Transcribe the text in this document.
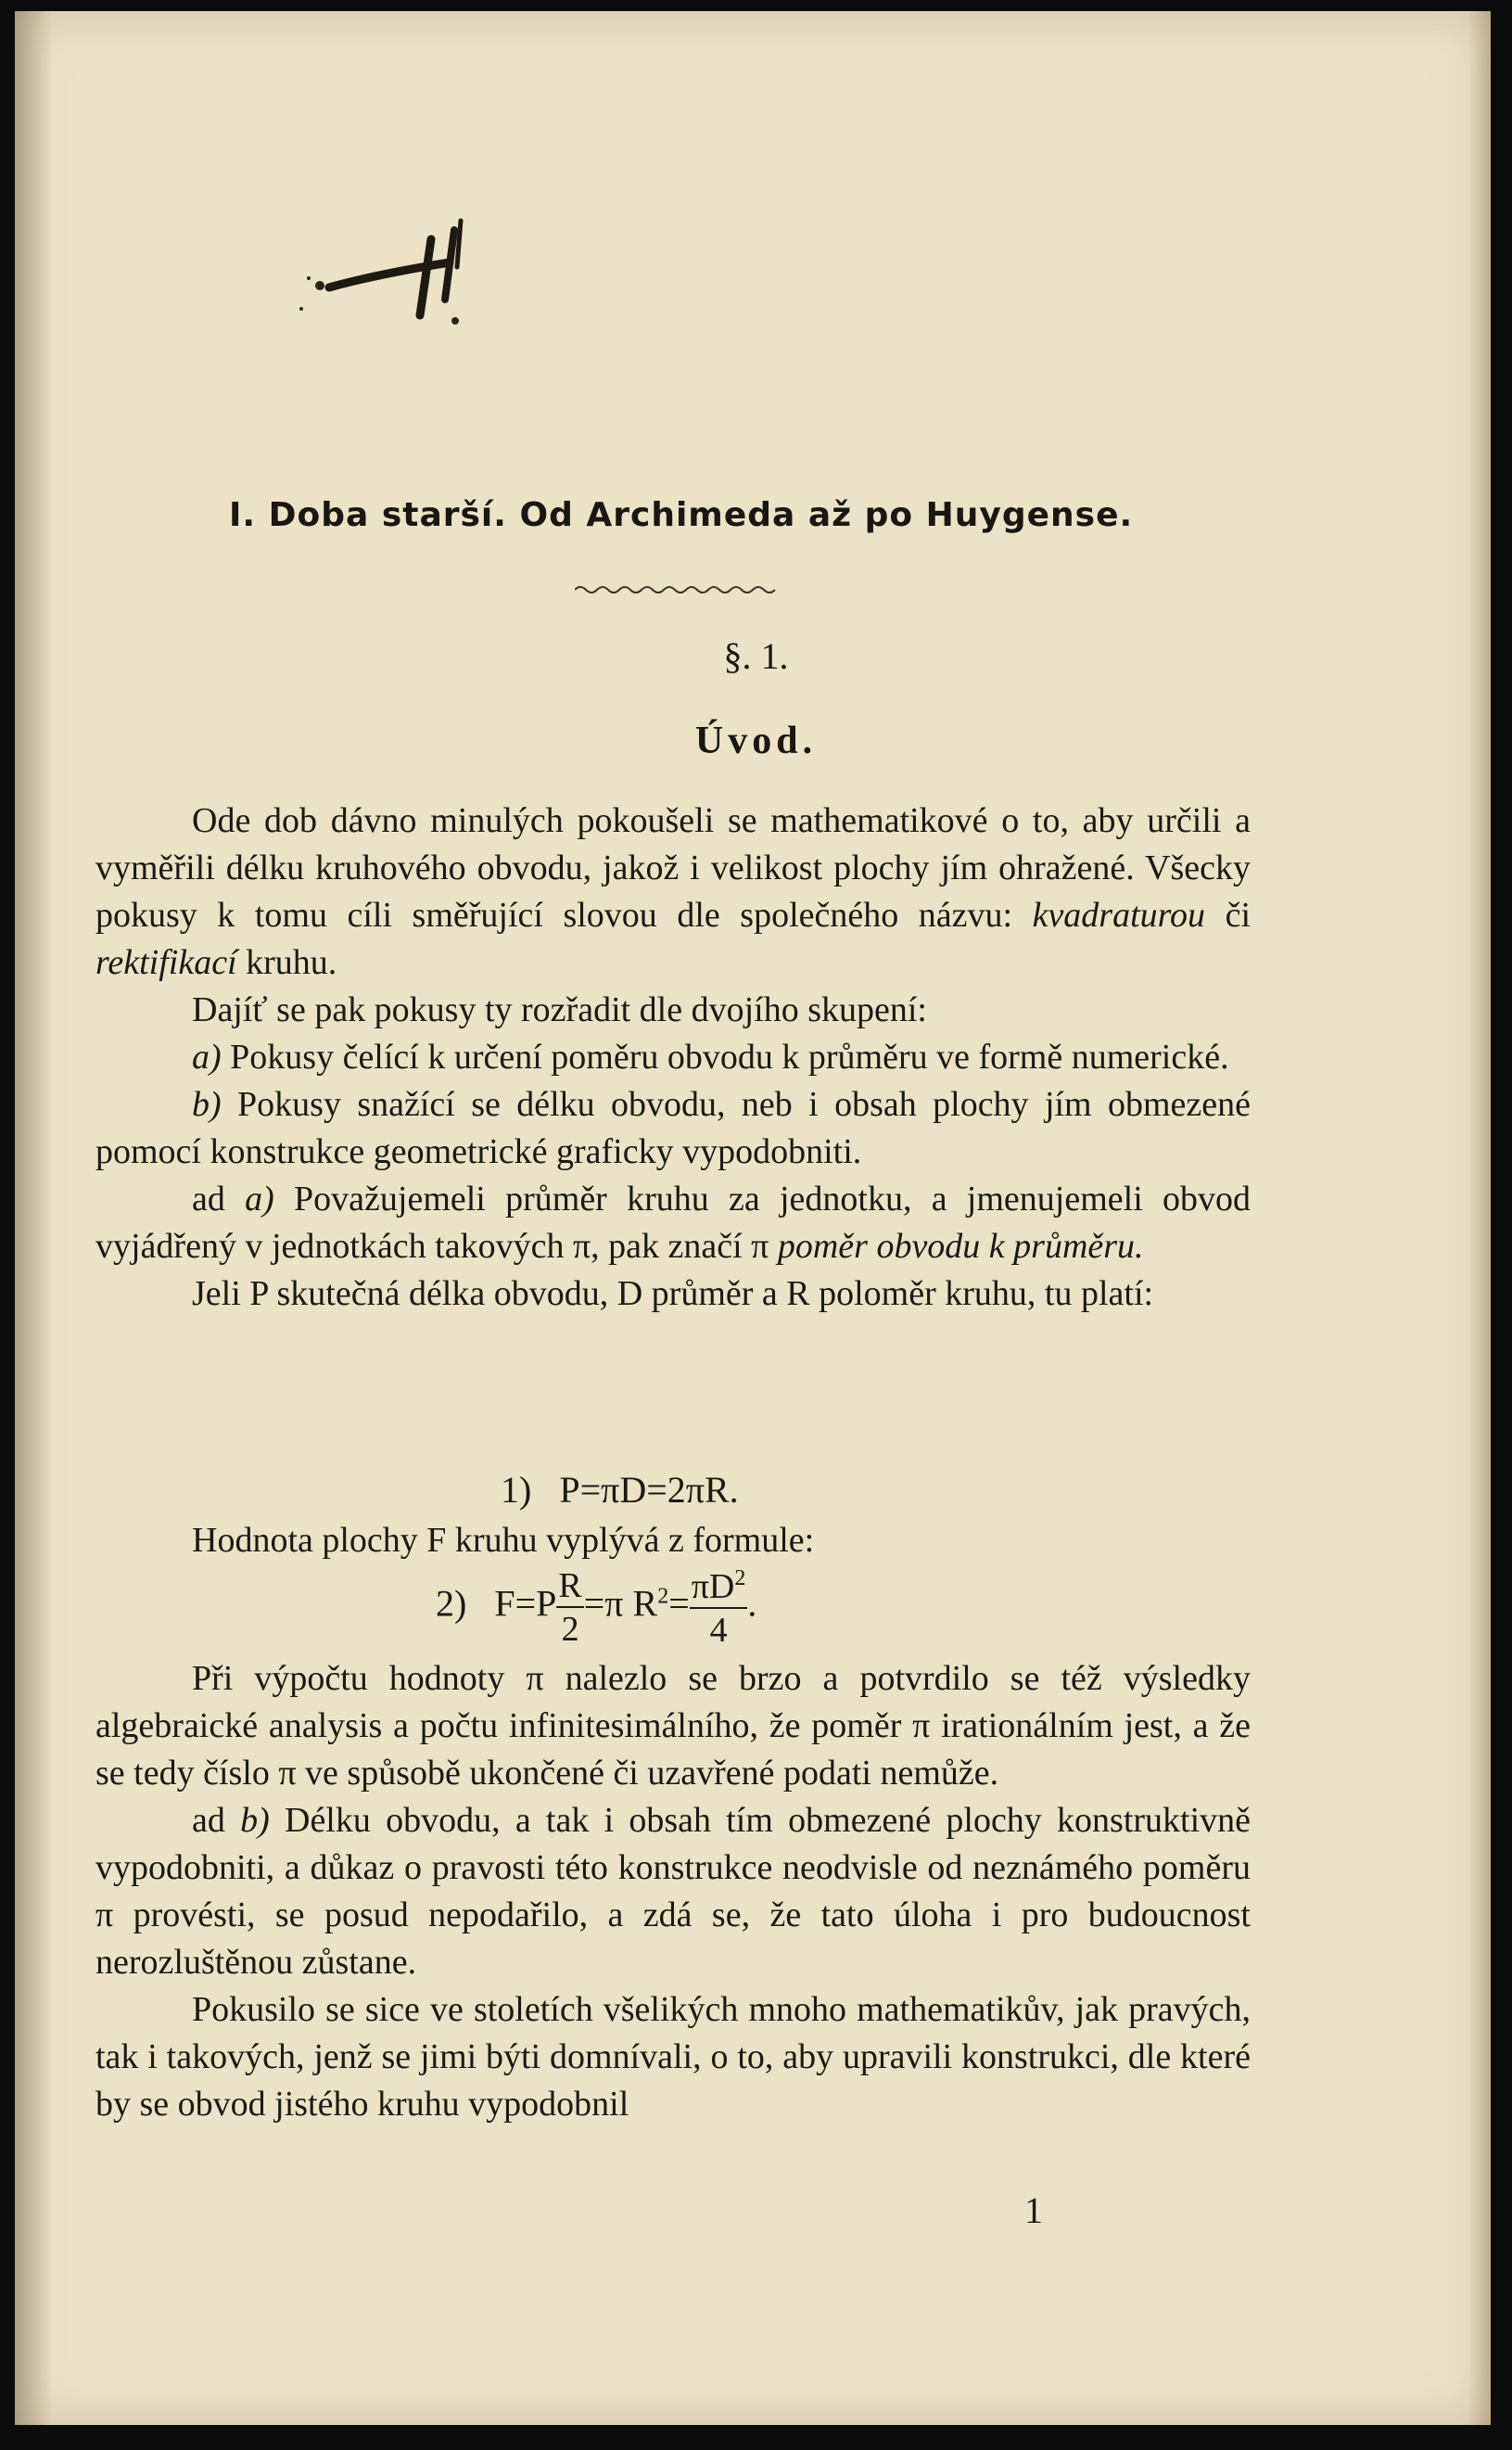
I. Doba starší. Od Archimeda až po Huygense.
§. 1.
Úvod.

Ode dob dávno minulých pokoušeli se mathematikové o to, aby určili a vyměřili délku kruhového obvodu, jakož i velikost plochy jím ohražené. Všecky pokusy k tomu cíli směřující slovou dle společného názvu: kvadraturou či rektifikací kruhu.

Dajíť se pak pokusy ty rozřadit dle dvojího skupení:

a) Pokusy čelící k určení poměru obvodu k průměru ve formě numerické.

b) Pokusy snažící se délku obvodu, neb i obsah plochy jím obmezené pomocí konstrukce geometrické graficky vypodobniti.

ad a) Považujemeli průměr kruhu za jednotku, a jmenujemeli obvod vyjádřený v jednotkách takových π, pak značí π poměr obvodu k průměru.

Jeli P skutečná délka obvodu, D průměr a R poloměr kruhu, tu platí:

1) P=πD=2πR.

Hodnota plochy F kruhu vyplývá z formule:

2) $F=P \frac{R}{2} =\pi$ $R^2= \frac{\pi D^2}{4}$ .

Při výpočtu hodnoty π nalezlo se brzo a potvrdilo se též výsledky algebraické analysis a počtu infinitesimálního, že poměr π irationálním jest, a že se tedy číslo π ve spůsobě ukončené či uzavřené podati nemůže.

ad b) Délku obvodu, a tak i obsah tím obmezené plochy konstruktivně vypodobniti, a důkaz o pravosti této konstrukce neodvisle od neznámého poměru π provésti, se posud nepodařilo, a zdá se, že tato úloha i pro budoucnost nerozluštěnou zůstane.

Pokusilo se sice ve stoletích všelikých mnoho mathematikův, jak pravých, tak i takových, jenž se jimi býti domnívali, o to, aby upravili konstrukci, dle které by se obvod jistého kruhu vypodobnil

1
